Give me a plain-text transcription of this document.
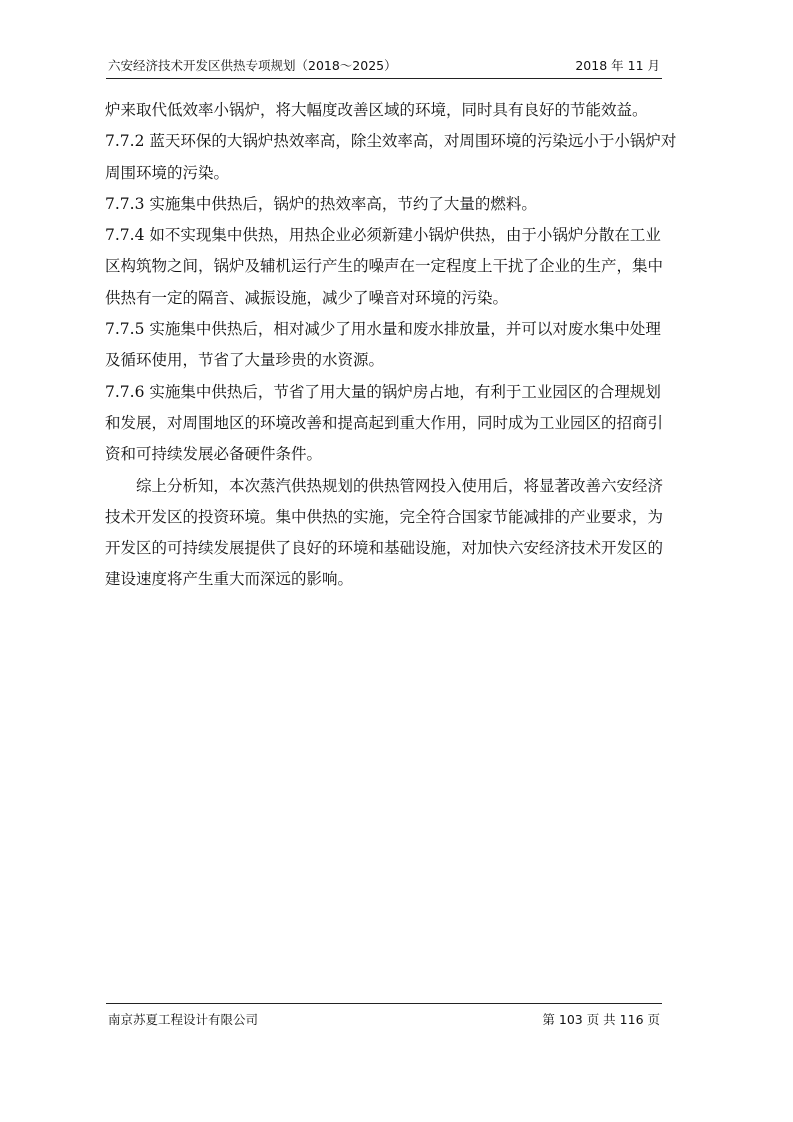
六安经济技术开发区供热专项规划（2018～2025）	2018 年 11 月

炉来取代低效率小锅炉，将大幅度改善区域的环境，同时具有良好的节能效益。

7.7.2 蓝天环保的大锅炉热效率高，除尘效率高，对周围环境的污染远小于小锅炉对

周围环境的污染。

7.7.3 实施集中供热后，锅炉的热效率高，节约了大量的燃料。

7.7.4 如不实现集中供热，用热企业必须新建小锅炉供热，由于小锅炉分散在工业

区构筑物之间，锅炉及辅机运行产生的噪声在一定程度上干扰了企业的生产，集中

供热有一定的隔音、减振设施，减少了噪音对环境的污染。

7.7.5 实施集中供热后，相对减少了用水量和废水排放量，并可以对废水集中处理

及循环使用，节省了大量珍贵的水资源。

7.7.6 实施集中供热后，节省了用大量的锅炉房占地，有利于工业园区的合理规划

和发展，对周围地区的环境改善和提高起到重大作用，同时成为工业园区的招商引

资和可持续发展必备硬件条件。

综上分析知，本次蒸汽供热规划的供热管网投入使用后，将显著改善六安经济

技术开发区的投资环境。集中供热的实施，完全符合国家节能减排的产业要求，为

开发区的可持续发展提供了良好的环境和基础设施，对加快六安经济技术开发区的

建设速度将产生重大而深远的影响。

南京苏夏工程设计有限公司	第 103 页 共 116 页
